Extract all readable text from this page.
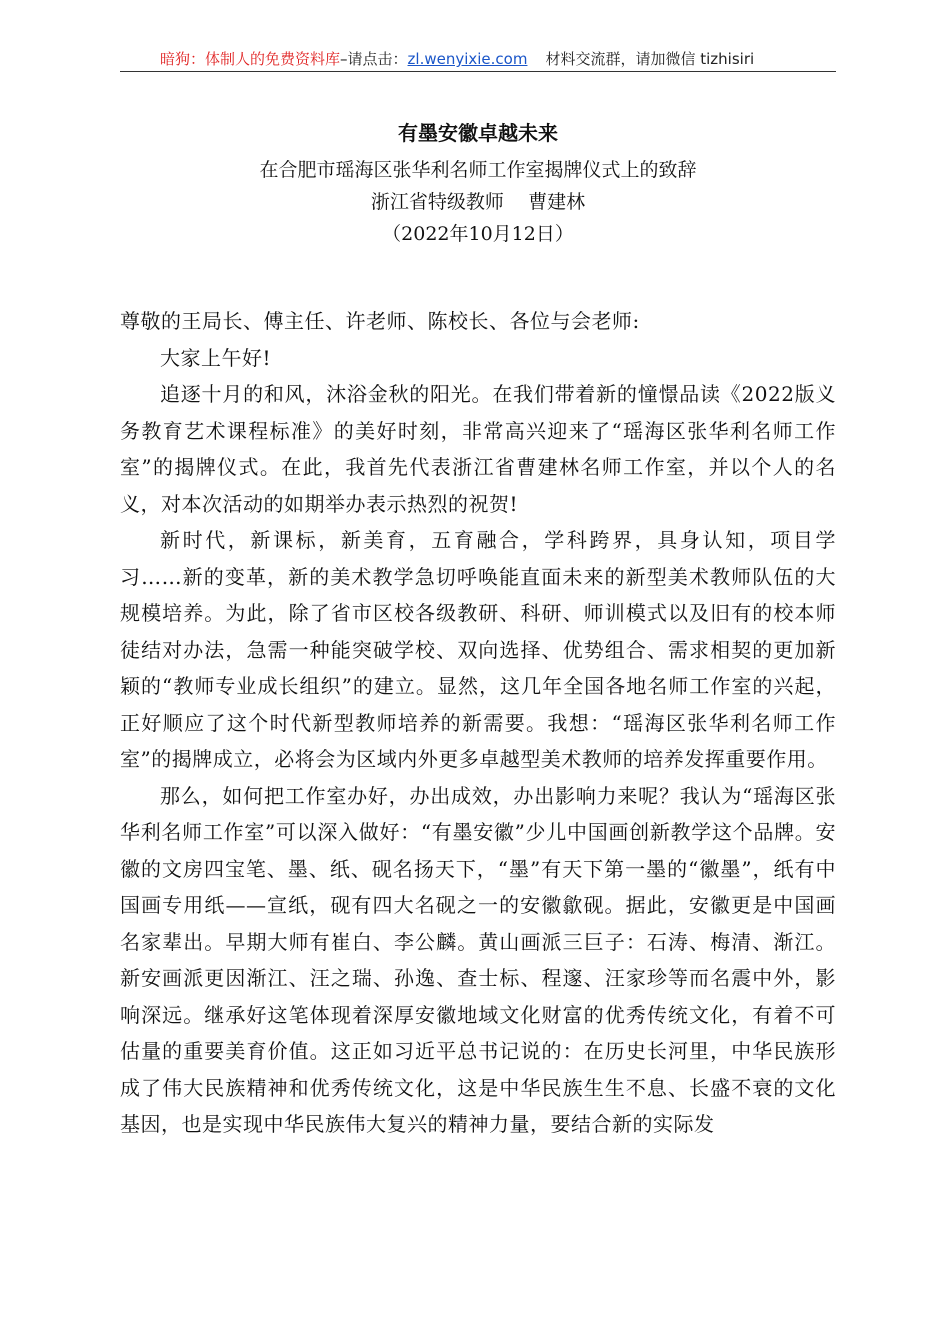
暗狗：体制人的免费资料库–请点击：zl.wenyixie.com 材料交流群，请加微信 tizhisiri
有墨安徽卓越未来
在合肥市瑶海区张华利名师工作室揭牌仪式上的致辞
浙江省特级教师    曹建林
（2022年10月12日）

尊敬的王局长、傅主任、许老师、陈校长、各位与会老师:

大家上午好!

追逐十月的和风，沐浴金秋的阳光。在我们带着新的憧憬品读《2022版义务教育艺术课程标准》的美好时刻，非常高兴迎来了“瑶海区张华利名师工作室”的揭牌仪式。在此，我首先代表浙江省曹建林名师工作室，并以个人的名义，对本次活动的如期举办表示热烈的祝贺!

新时代，新课标，新美育，五育融合，学科跨界，具身认知，项目学习……新的变革，新的美术教学急切呼唤能直面未来的新型美术教师队伍的大规模培养。为此，除了省市区校各级教研、科研、师训模式以及旧有的校本师徒结对办法，急需一种能突破学校、双向选择、优势组合、需求相契的更加新颖的“教师专业成长组织”的建立。显然，这几年全国各地名师工作室的兴起，正好顺应了这个时代新型教师培养的新需要。我想：“瑶海区张华利名师工作室”的揭牌成立，必将会为区域内外更多卓越型美术教师的培养发挥重要作用。

那么，如何把工作室办好，办出成效，办出影响力来呢？我认为“瑶海区张华利名师工作室”可以深入做好：“有墨安徽”少儿中国画创新教学这个品牌。安徽的文房四宝笔、墨、纸、砚名扬天下，“墨”有天下第一墨的“徽墨”，纸有中国画专用纸——宣纸，砚有四大名砚之一的安徽歙砚。据此，安徽更是中国画名家辈出。早期大师有崔白、李公麟。黄山画派三巨子：石涛、梅清、渐江。新安画派更因渐江、汪之瑞、孙逸、查士标、程邃、汪家珍等而名震中外，影响深远。继承好这笔体现着深厚安徽地域文化财富的优秀传统文化，有着不可估量的重要美育价值。这正如习近平总书记说的：在历史长河里，中华民族形成了伟大民族精神和优秀传统文化，这是中华民族生生不息、长盛不衰的文化基因，也是实现中华民族伟大复兴的精神力量，要结合新的实际发
